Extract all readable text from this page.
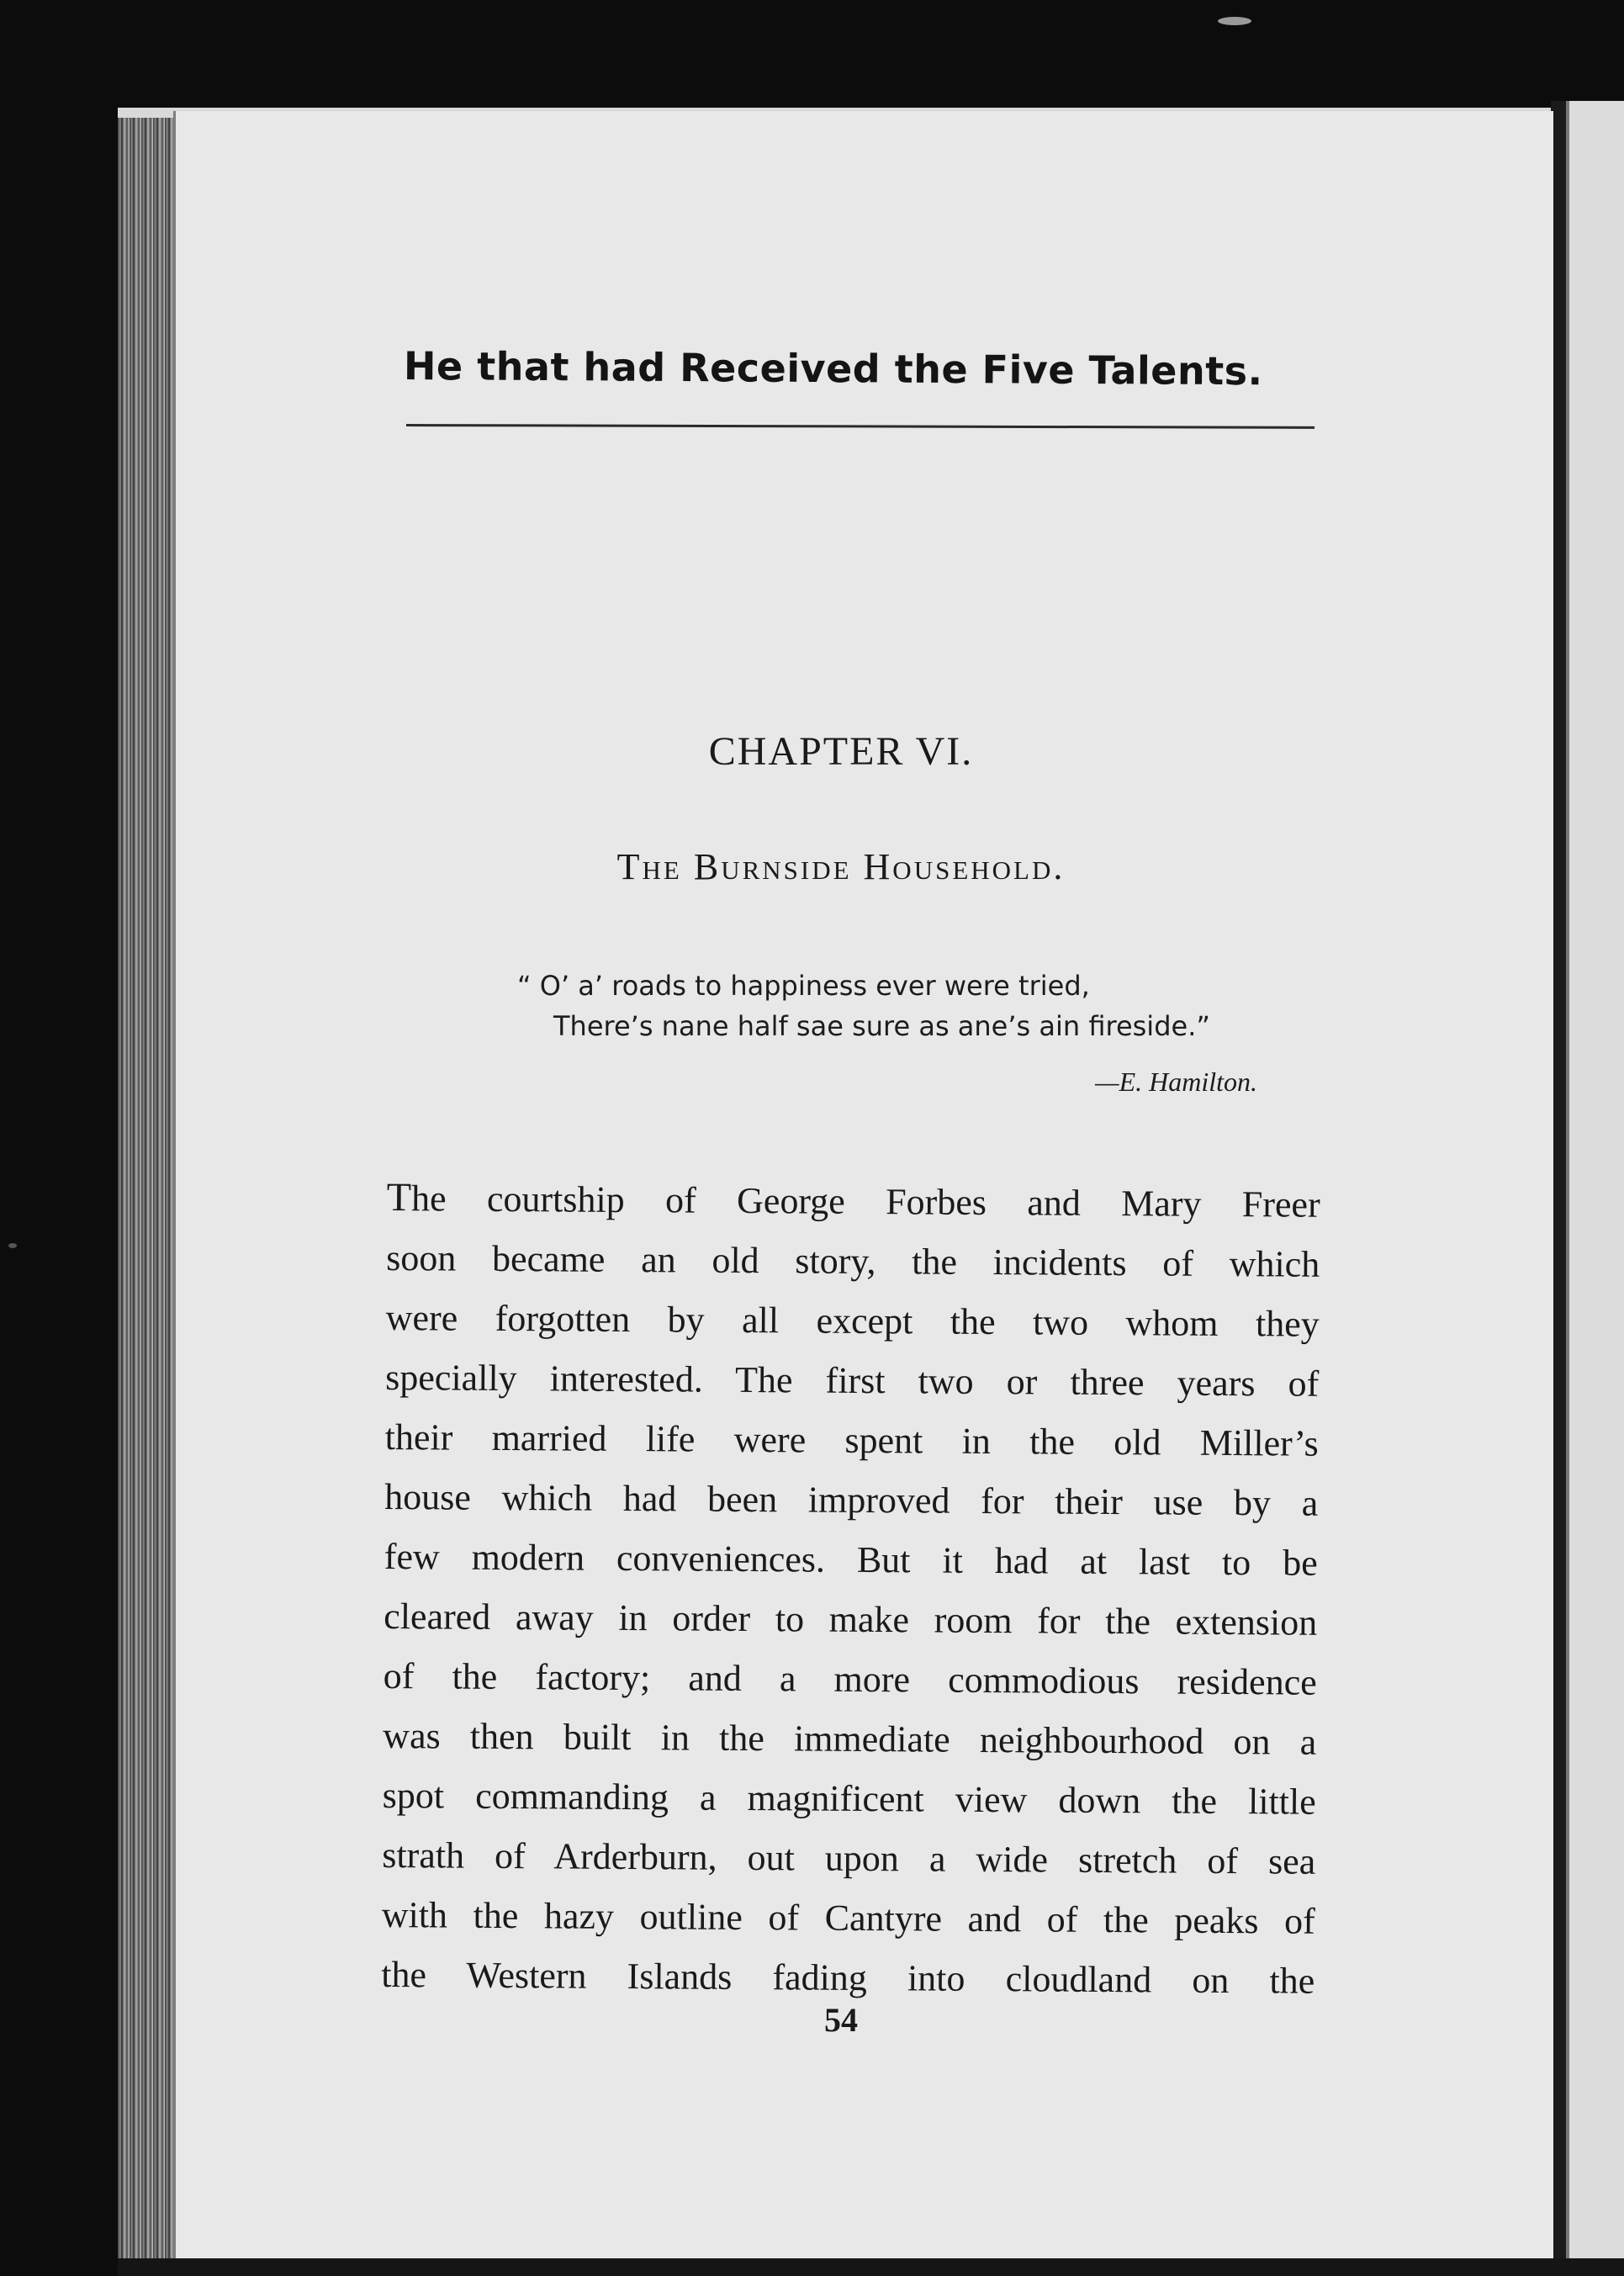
He that had Received the Five Talents.
CHAPTER VI.
The Burnside Household.
“ O’ a’ roads to happiness ever were tried,
There’s nane half sae sure as ane’s ain fireside.”
—E. Hamilton.
The courtship of George Forbes and Mary Freer
soon became an old story, the incidents of which
were forgotten by all except the two whom they
specially interested. The first two or three years of
their married life were spent in the old Miller’s
house which had been improved for their use by a
few modern conveniences. But it had at last to be
cleared away in order to make room for the extension
of the factory; and a more commodious residence
was then built in the immediate neighbourhood on a
spot commanding a magnificent view down the little
strath of Arderburn, out upon a wide stretch of sea
with the hazy outline of Cantyre and of the peaks of
the Western Islands fading into cloudland on the
54
